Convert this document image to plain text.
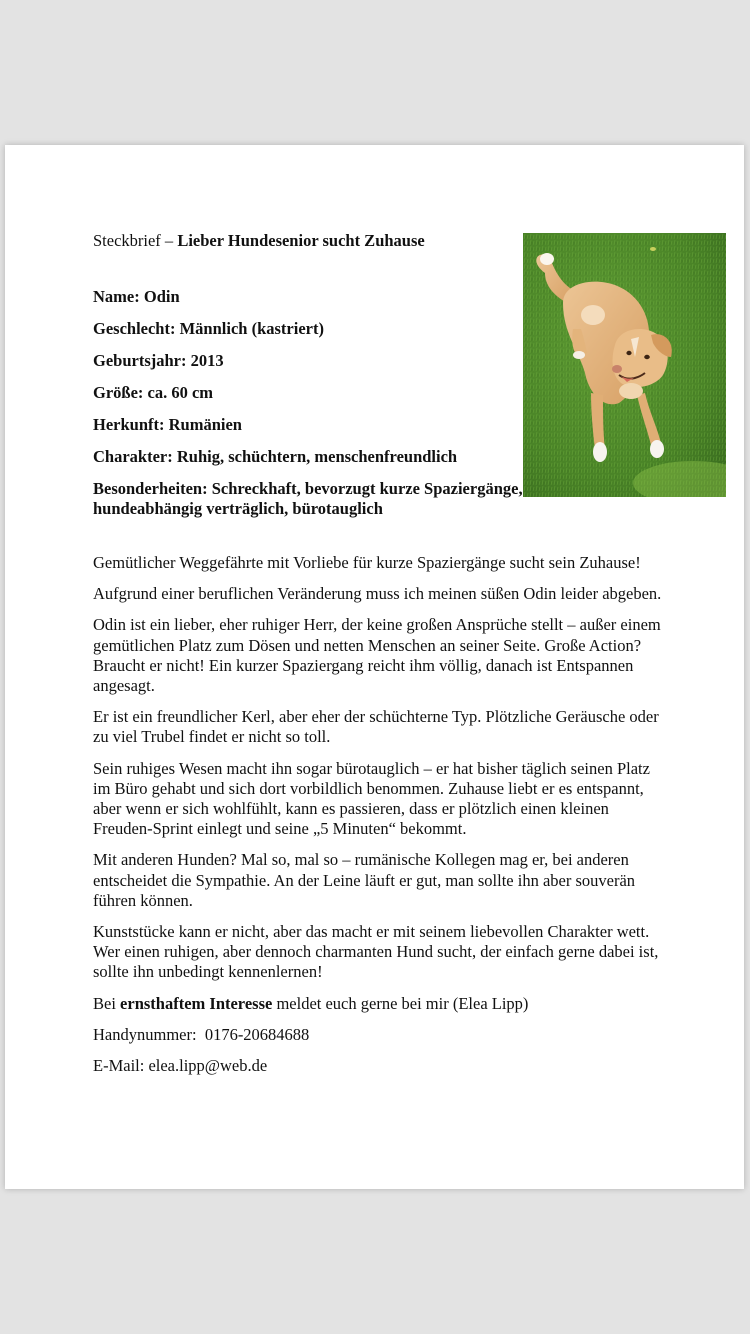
Steckbrief – Lieber Hundesenior sucht Zuhause

Name: Odin

Geschlecht: Männlich (kastriert)

Geburtsjahr: 2013

Größe: ca. 60 cm

Herkunft: Rumänien

Charakter: Ruhig, schüchtern, menschenfreundlich

Besonderheiten: Schreckhaft, bevorzugt kurze Spaziergänge, hundeabhängig verträglich, bürotauglich

Gemütlicher Weggefährte mit Vorliebe für kurze Spaziergänge sucht sein Zuhause!

Aufgrund einer beruflichen Veränderung muss ich meinen süßen Odin leider abgeben.

Odin ist ein lieber, eher ruhiger Herr, der keine großen Ansprüche stellt – außer einem gemütlichen Platz zum Dösen und netten Menschen an seiner Seite. Große Action? Braucht er nicht! Ein kurzer Spaziergang reicht ihm völlig, danach ist Entspannen angesagt.

Er ist ein freundlicher Kerl, aber eher der schüchterne Typ. Plötzliche Geräusche oder zu viel Trubel findet er nicht so toll.

Sein ruhiges Wesen macht ihn sogar bürotauglich – er hat bisher täglich seinen Platz im Büro gehabt und sich dort vorbildlich benommen. Zuhause liebt er es entspannt, aber wenn er sich wohlfühlt, kann es passieren, dass er plötzlich einen kleinen Freuden-Sprint einlegt und seine „5 Minuten“ bekommt.

Mit anderen Hunden? Mal so, mal so – rumänische Kollegen mag er, bei anderen entscheidet die Sympathie. An der Leine läuft er gut, man sollte ihn aber souverän führen können.

Kunststücke kann er nicht, aber das macht er mit seinem liebevollen Charakter wett. Wer einen ruhigen, aber dennoch charmanten Hund sucht, der einfach gerne dabei ist, sollte ihn unbedingt kennenlernen!

Bei ernsthaftem Interesse meldet euch gerne bei mir (Elea Lipp)

Handynummer:  0176-20684688

E-Mail: elea.lipp@web.de
